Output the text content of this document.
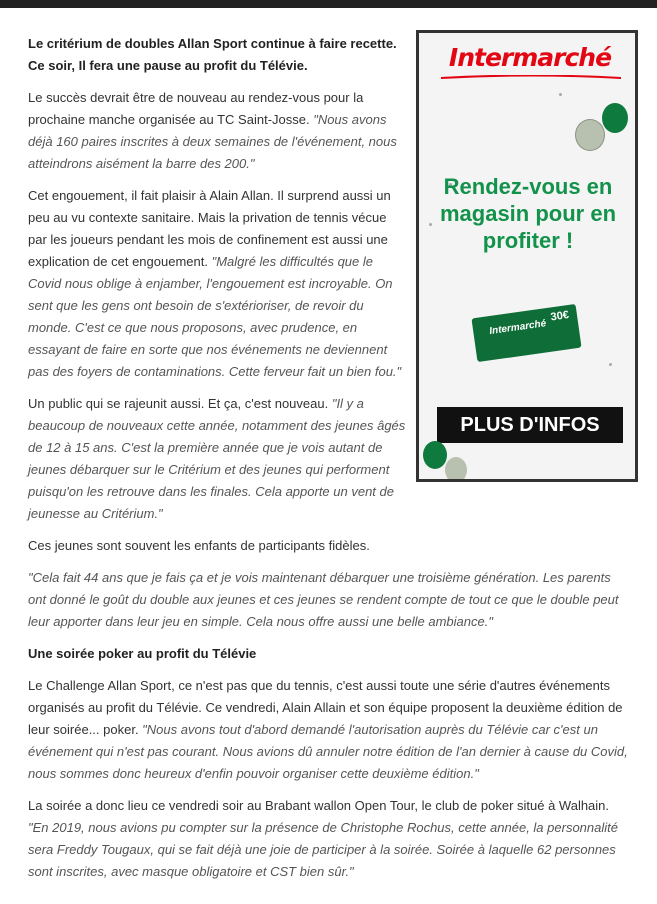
Le critérium de doubles Allan Sport continue à faire recette. Ce soir, Il fera une pause au profit du Télévie.

Le succès devrait être de nouveau au rendez-vous pour la prochaine manche organisée au TC Saint-Josse. "Nous avons déjà 160 paires inscrites à deux semaines de l'événement, nous atteindrons aisément la barre des 200."

Cet engouement, il fait plaisir à Alain Allan. Il surprend aussi un peu au vu contexte sanitaire. Mais la privation de tennis vécue par les joueurs pendant les mois de confinement est aussi une explication de cet engouement. "Malgré les difficultés que le Covid nous oblige à enjamber, l'engouement est incroyable. On sent que les gens ont besoin de s'extérioriser, de revoir du monde. C'est ce que nous proposons, avec prudence, en essayant de faire en sorte que nos événements ne deviennent pas des foyers de contaminations. Cette ferveur fait un bien fou."

Un public qui se rajeunit aussi. Et ça, c'est nouveau. "Il y a beaucoup de nouveaux cette année, notamment des jeunes âgés de 12 à 15 ans. C'est la première année que je vois autant de jeunes débarquer sur le Critérium et des jeunes qui performent puisqu'on les retrouve dans les finales. Cela apporte un vent de jeunesse au Critérium."

Ces jeunes sont souvent les enfants de participants fidèles.

"Cela fait 44 ans que je fais ça et je vois maintenant débarquer une troisième génération. Les parents ont donné le goût du double aux jeunes et ces jeunes se rendent compte de tout ce que le double peut leur apporter dans leur jeu en simple. Cela nous offre aussi une belle ambiance."

Une soirée poker au profit du Télévie

Le Challenge Allan Sport, ce n'est pas que du tennis, c'est aussi toute une série d'autres événements organisés au profit du Télévie. Ce vendredi, Alain Allain et son équipe proposent la deuxième édition de leur soirée... poker. "Nous avons tout d'abord demandé l'autorisation auprès du Télévie car c'est un événement qui n'est pas courant. Nous avions dû annuler notre édition de l'an dernier à cause du Covid, nous sommes donc heureux d'enfin pouvoir organiser cette deuxième édition."

La soirée a donc lieu ce vendredi soir au Brabant wallon Open Tour, le club de poker situé à Walhain. "En 2019, nous avions pu compter sur la présence de Christophe Rochus, cette année, la personnalité sera Freddy Tougaux, qui se fait déjà une joie de participer à la soirée. Soirée à laquelle 62 personnes sont inscrites, avec masque obligatoire et CST bien sûr."

Intermarché
Rendez-vous en magasin pour en profiter !
Intermarché
30€
PLUS D'INFOS
